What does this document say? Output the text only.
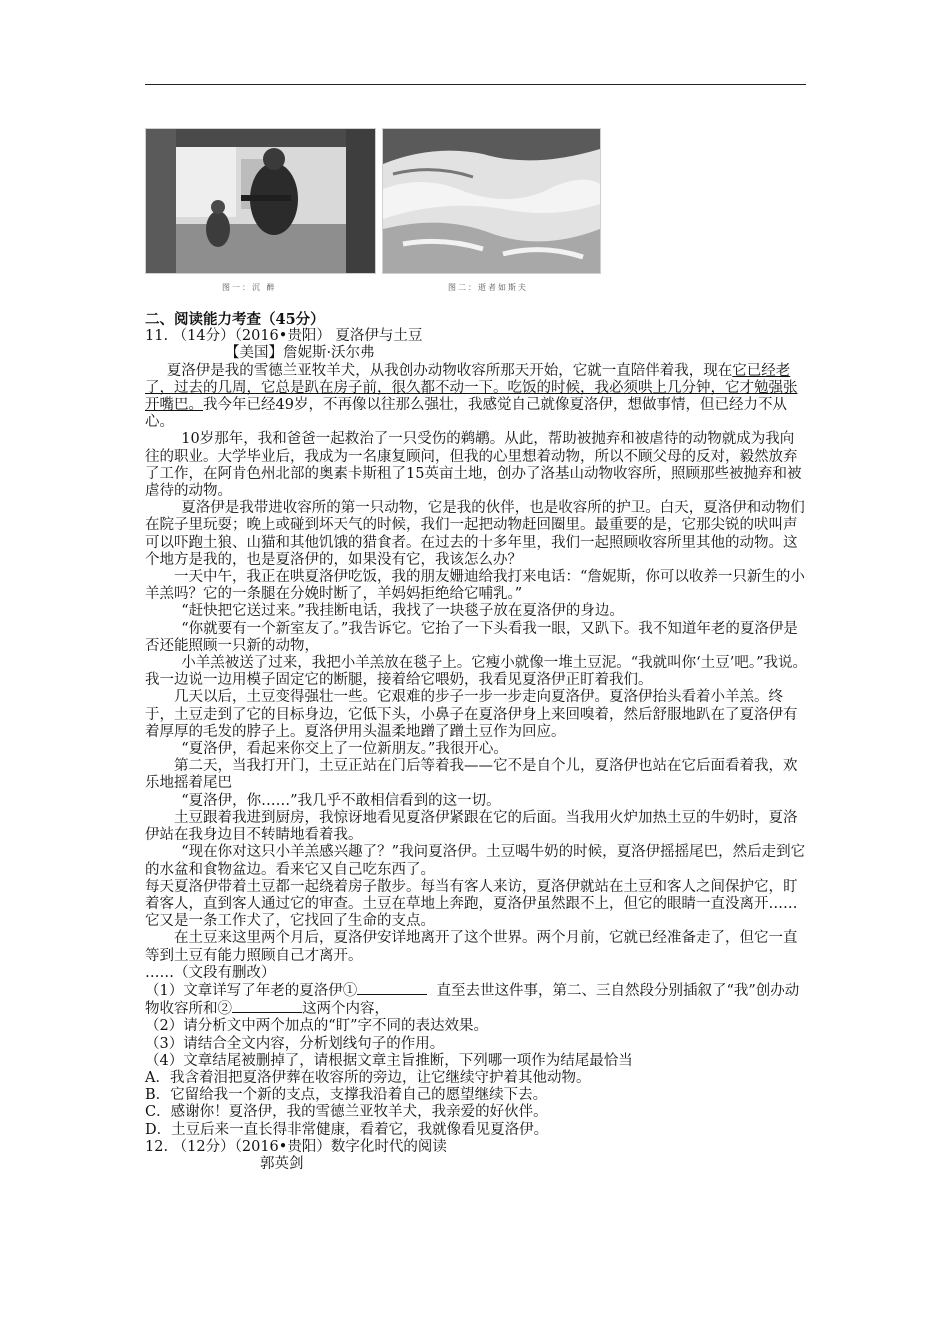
图一：沉 醉	图二：逝者如斯夫

二、阅读能力考查（45分）

11. （14分）（2016•贵阳） 夏洛伊与土豆

【美国】詹妮斯·沃尔弗

夏洛伊是我的雪德兰亚牧羊犬，从我创办动物收容所那天开始，它就一直陪伴着我，现在它已经老了，过去的几周，它总是趴在房子前，很久都不动一下。吃饭的时候，我必须哄上几分钟，它才勉强张开嘴巴。我今年已经49岁，不再像以往那么强壮，我感觉自己就像夏洛伊，想做事情，但已经力不从心。

10岁那年，我和爸爸一起救治了一只受伤的鹈鹕。从此，帮助被抛弃和被虐待的动物就成为我向往的职业。大学毕业后，我成为一名康复顾问，但我的心里想着动物，所以不顾父母的反对，毅然放弃了工作，在阿肯色州北部的奥素卡斯租了15英亩土地，创办了洛基山动物收容所，照顾那些被抛弃和被虐待的动物。

夏洛伊是我带进收容所的第一只动物，它是我的伙伴，也是收容所的护卫。白天，夏洛伊和动物们在院子里玩耍；晚上或碰到坏天气的时候，我们一起把动物赶回圈里。最重要的是，它那尖锐的吠叫声可以吓跑土狼、山猫和其他饥饿的猎食者。在过去的十多年里，我们一起照顾收容所里其他的动物。这个地方是我的，也是夏洛伊的，如果没有它，我该怎么办？

一天中午，我正在哄夏洛伊吃饭，我的朋友姗迪给我打来电话：“詹妮斯，你可以收养一只新生的小羊羔吗？它的一条腿在分娩时断了，羊妈妈拒绝给它哺乳。”

“赶快把它送过来。”我挂断电话，我找了一块毯子放在夏洛伊的身边。

“你就要有一个新室友了。”我告诉它。它抬了一下头看我一眼，又趴下。我不知道年老的夏洛伊是否还能照顾一只新的动物，

小羊羔被送了过来，我把小羊羔放在毯子上。它瘦小就像一堆土豆泥。“我就叫你‘土豆’吧。”我说。我一边说一边用模子固定它的断腿，接着给它喂奶，我看见夏洛伊正盯着我们。

几天以后，土豆变得强壮一些。它艰难的步子一步一步走向夏洛伊。夏洛伊抬头看着小羊羔。终于，土豆走到了它的目标身边，它低下头，小鼻子在夏洛伊身上来回嗅着，然后舒服地趴在了夏洛伊有着厚厚的毛发的脖子上。夏洛伊用头温柔地蹭了蹭土豆作为回应。

“夏洛伊，看起来你交上了一位新朋友。”我很开心。

第二天，当我打开门，土豆正站在门后等着我——它不是自个儿，夏洛伊也站在它后面看着我，欢乐地摇着尾巴

“夏洛伊，你……”我几乎不敢相信看到的这一切。

土豆跟着我进到厨房，我惊讶地看见夏洛伊紧跟在它的后面。当我用火炉加热土豆的牛奶时，夏洛伊站在我身边目不转睛地看着我。

“现在你对这只小羊羔感兴趣了？”我问夏洛伊。土豆喝牛奶的时候，夏洛伊摇摇尾巴，然后走到它的水盆和食物盆边。看来它又自己吃东西了。

每天夏洛伊带着土豆都一起绕着房子散步。每当有客人来访，夏洛伊就站在土豆和客人之间保护它，盯着客人，直到客人通过它的审查。土豆在草地上奔跑，夏洛伊虽然跟不上，但它的眼睛一直没离开……它又是一条工作犬了，它找回了生命的支点。

在土豆来这里两个月后，夏洛伊安详地离开了这个世界。两个月前，它就已经准备走了，但它一直等到土豆有能力照顾自己才离开。

……（文段有删改）

（1）文章详写了年老的夏洛伊①	直至去世这件事，第二、三自然段分别插叙了“我”创办动物收容所和②	这两个内容，

（2）请分析文中两个加点的“盯”字不同的表达效果。

（3）请结合全文内容，分析划线句子的作用。

（4）文章结尾被删掉了，请根据文章主旨推断，下列哪一项作为结尾最恰当

A．我含着泪把夏洛伊葬在收容所的旁边，让它继续守护着其他动物。

B．它留给我一个新的支点，支撑我沿着自己的愿望继续下去。

C．感谢你！夏洛伊，我的雪德兰亚牧羊犬，我亲爱的好伙伴。

D．土豆后来一直长得非常健康，看着它，我就像看见夏洛伊。

12. （12分）（2016•贵阳）数字化时代的阅读

郭英剑
